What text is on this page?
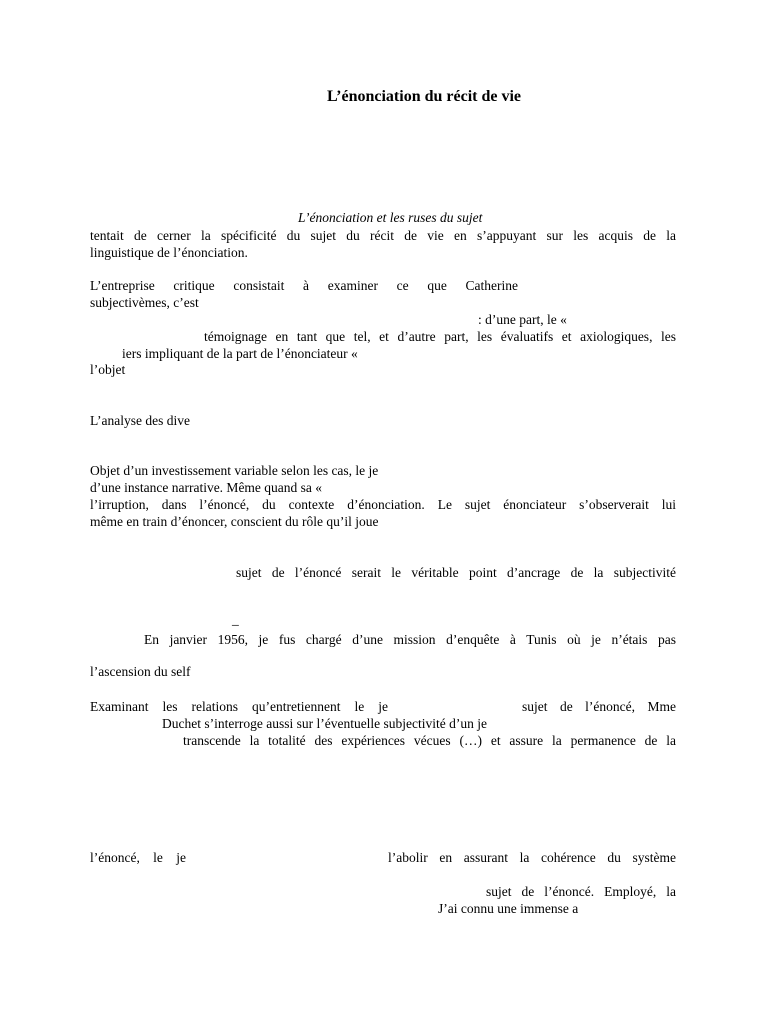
L’énonciation du récit de vie

L’énonciation et les ruses du sujet

tentait de cerner la spécificité du sujet du récit de vie en s’appuyant sur les acquis de la

linguistique de l’énonciation.

L’entreprise critique consistait à examiner ce que Catherine

subjectivèmes, c’est

: d’une part, le «

témoignage en tant que tel, et d’autre part, les évaluatifs et axiologiques, les

iers impliquant de la part de l’énonciateur «

l’objet

L’analyse des dive

Objet d’un investissement variable selon les cas, le je

d’une instance narrative. Même quand sa «

l’irruption, dans l’énoncé, du contexte d’énonciation. Le sujet énonciateur s’observerait lui

même en train d’énoncer, conscient du rôle qu’il joue

sujet de l’énoncé serait le véritable point d’ancrage de la subjectivité

_

En janvier 1956, je fus chargé d’une mission d’enquête à Tunis où je n’étais pas

l’ascension du self

Examinant les relations qu’entretiennent le je	sujet de l’énoncé, Mme

Duchet s’interroge aussi sur l’éventuelle subjectivité d’un je

transcende la totalité des expériences vécues (…) et assure la permanence de la

l’énoncé, le je	l’abolir en assurant la cohérence du système

sujet de l’énoncé. Employé, la

J’ai connu une immense a
